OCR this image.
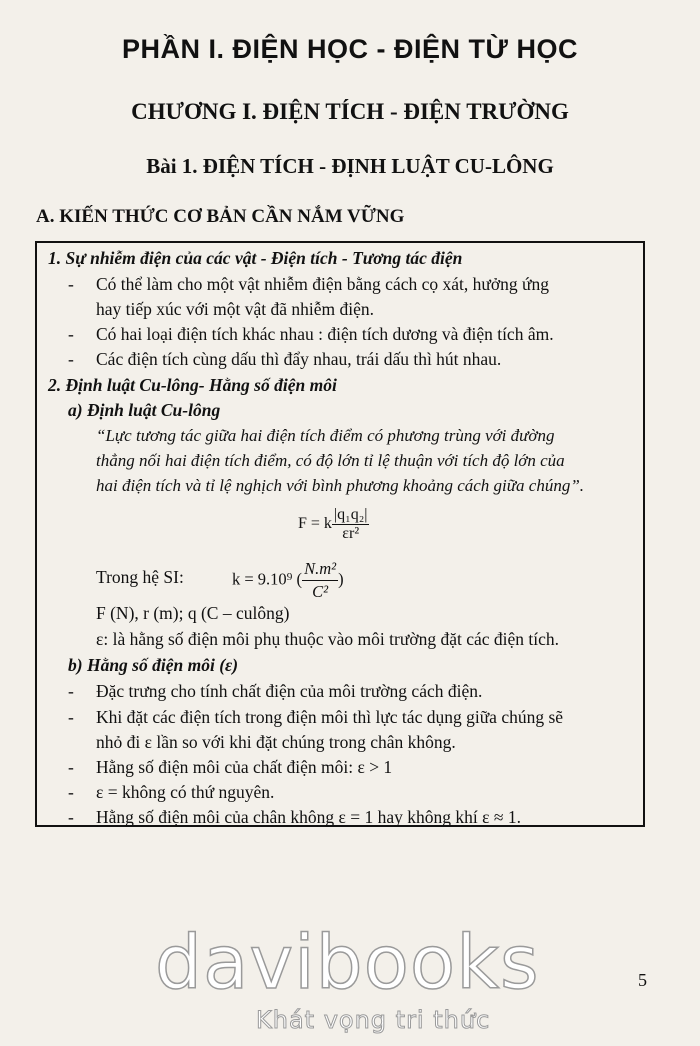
PHẦN I. ĐIỆN HỌC - ĐIỆN TỪ HỌC
CHƯƠNG I. ĐIỆN TÍCH - ĐIỆN TRƯỜNG
Bài 1. ĐIỆN TÍCH - ĐỊNH LUẬT CU-LÔNG
A. KIẾN THỨC CƠ BẢN CẦN NẮM VỮNG
1. Sự nhiễm điện của các vật - Điện tích - Tương tác điện
- Có thể làm cho một vật nhiễm điện bằng cách cọ xát, hưởng ứng
hay tiếp xúc với một vật đã nhiễm điện.
- Có hai loại điện tích khác nhau : điện tích dương và điện tích âm.
- Các điện tích cùng dấu thì đẩy nhau, trái dấu thì hút nhau.
2. Định luật Cu-lông- Hằng số điện môi
a) Định luật Cu-lông
“Lực tương tác giữa hai điện tích điểm có phương trùng với đường
thẳng nối hai điện tích điểm, có độ lớn tỉ lệ thuận với tích độ lớn của
hai điện tích và tỉ lệ nghịch với bình phương khoảng cách giữa chúng”.
F = k $\frac{\text{|q₁q₂|}}{\text{εr²}}$
Trong hệ SI:	k = 9.10⁹ ( $\frac{\text{N.m²}}{\text{C²}}$ )
F (N), r (m); q (C – culông)
ε: là hằng số điện môi phụ thuộc vào môi trường đặt các điện tích.
b) Hằng số điện môi (ε)
- Đặc trưng cho tính chất điện của môi trường cách điện.
- Khi đặt các điện tích trong điện môi thì lực tác dụng giữa chúng sẽ
nhỏ đi ε lần so với khi đặt chúng trong chân không.
- Hằng số điện môi của chất điện môi: ε > 1
- ε = không có thứ nguyên.
- Hằng số điện môi của chân không ε = 1 hay không khí ε ≈ 1.
davibooks
Khát vọng tri thức
5
